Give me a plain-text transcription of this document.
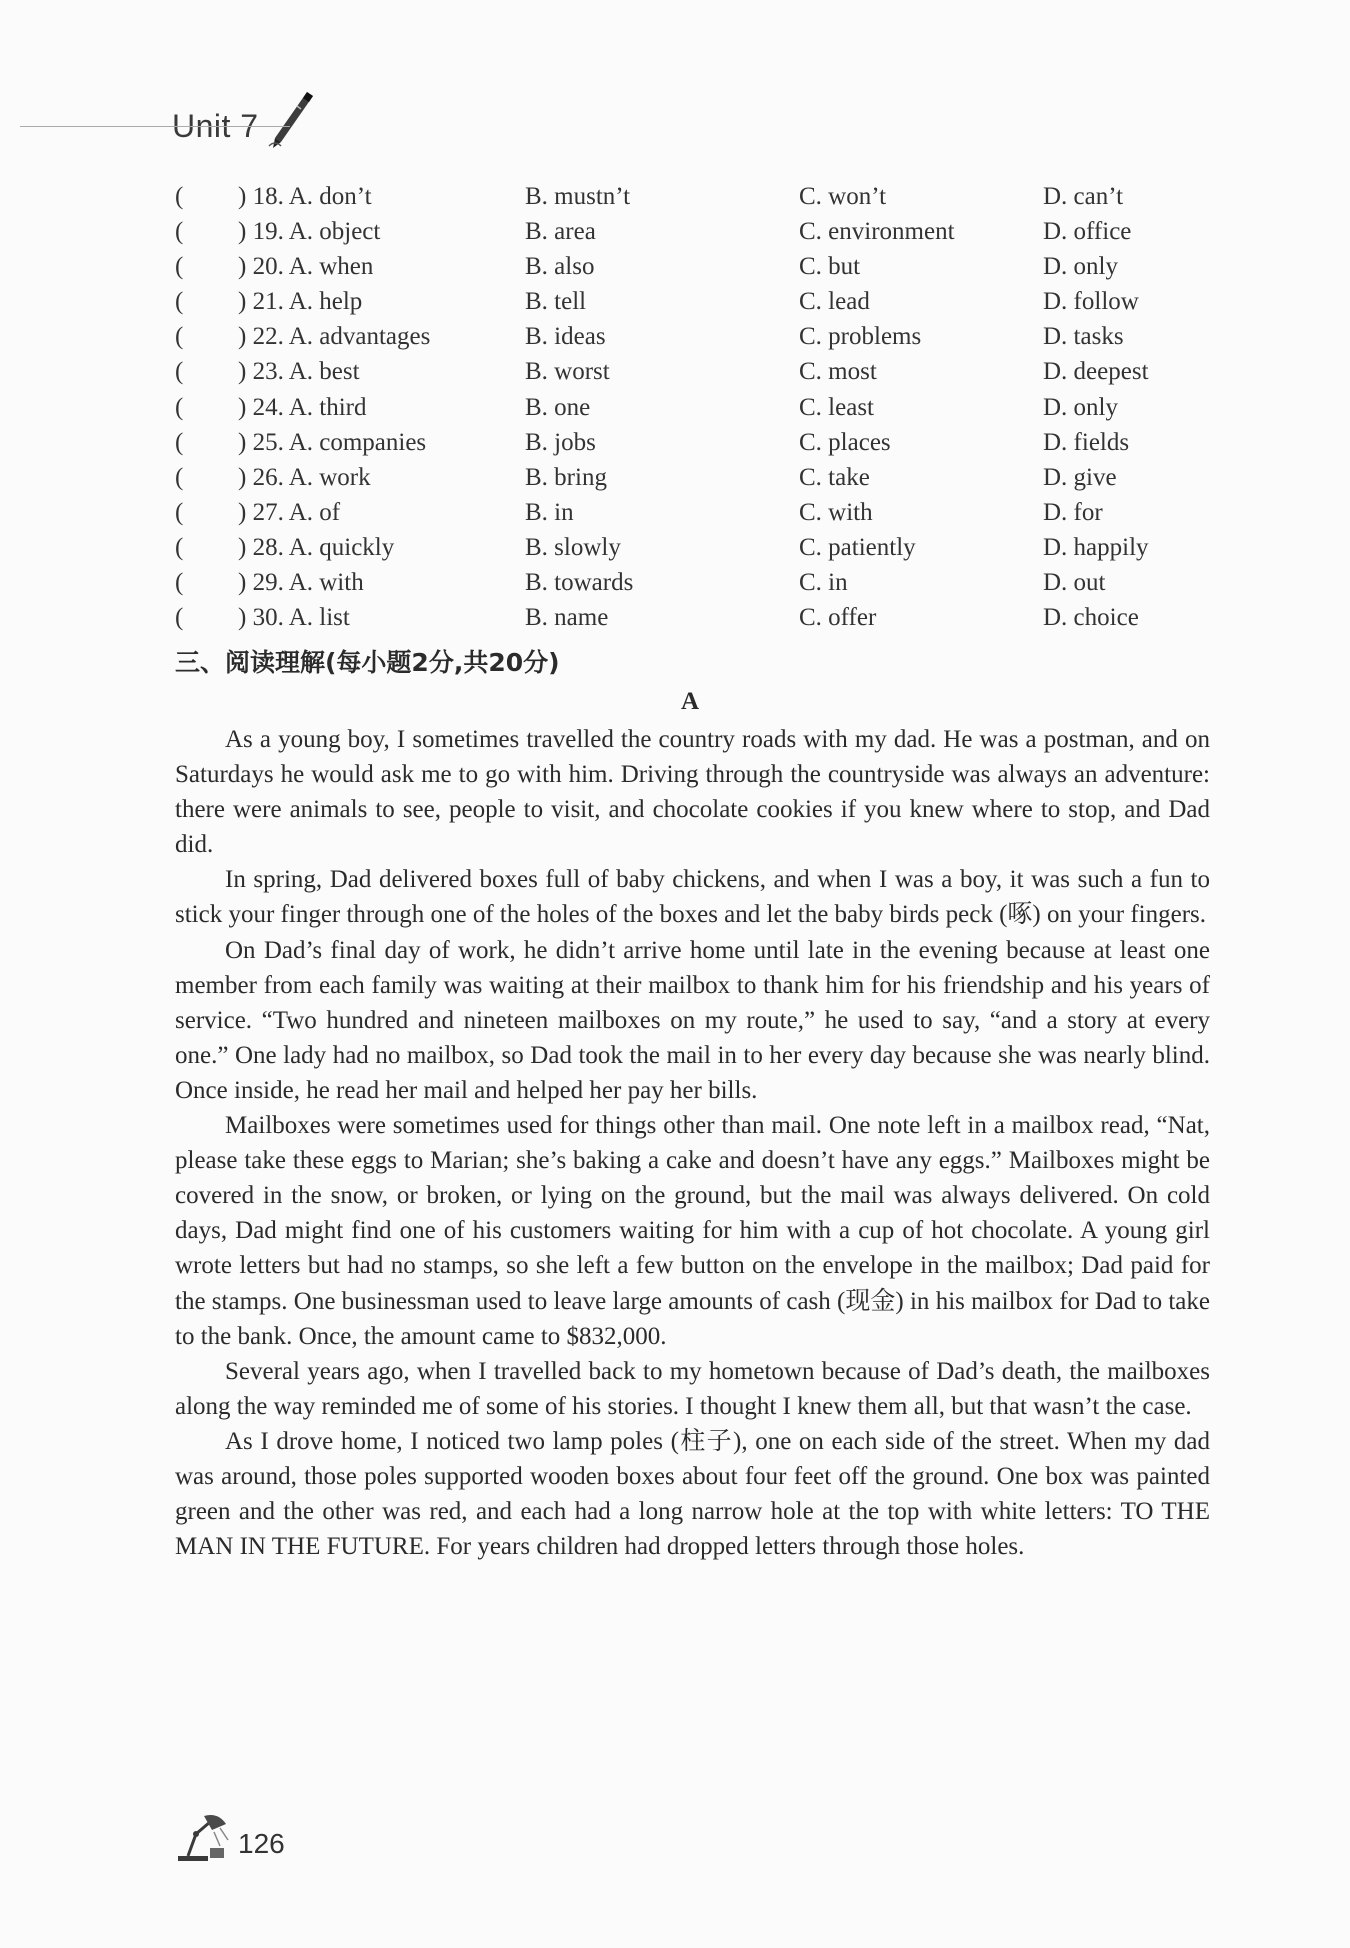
Unit 7
( ) 18. A. don’t	B. mustn’t	C. won’t	D. can’t
( ) 19. A. object	B. area	C. environment	D. office
( ) 20. A. when	B. also	C. but	D. only
( ) 21. A. help	B. tell	C. lead	D. follow
( ) 22. A. advantages	B. ideas	C. problems	D. tasks
( ) 23. A. best	B. worst	C. most	D. deepest
( ) 24. A. third	B. one	C. least	D. only
( ) 25. A. companies	B. jobs	C. places	D. fields
( ) 26. A. work	B. bring	C. take	D. give
( ) 27. A. of	B. in	C. with	D. for
( ) 28. A. quickly	B. slowly	C. patiently	D. happily
( ) 29. A. with	B. towards	C. in	D. out
( ) 30. A. list	B. name	C. offer	D. choice
三、阅读理解(每小题2分,共20分)
A

As a young boy, I sometimes travelled the country roads with my dad. He was a postman, and on Saturdays he would ask me to go with him. Driving through the countryside was always an adventure: there were animals to see, people to visit, and chocolate cookies if you knew where to stop, and Dad did.

In spring, Dad delivered boxes full of baby chickens, and when I was a boy, it was such a fun to stick your finger through one of the holes of the boxes and let the baby birds peck (啄) on your fingers.

On Dad’s final day of work, he didn’t arrive home until late in the evening because at least one member from each family was waiting at their mailbox to thank him for his friendship and his years of service. “Two hundred and nineteen mailboxes on my route,” he used to say, “and a story at every one.” One lady had no mailbox, so Dad took the mail in to her every day because she was nearly blind. Once inside, he read her mail and helped her pay her bills.

Mailboxes were sometimes used for things other than mail. One note left in a mailbox read, “Nat, please take these eggs to Marian; she’s baking a cake and doesn’t have any eggs.” Mailboxes might be covered in the snow, or broken, or lying on the ground, but the mail was always delivered. On cold days, Dad might find one of his customers waiting for him with a cup of hot chocolate. A young girl wrote letters but had no stamps, so she left a few button on the envelope in the mailbox; Dad paid for the stamps. One businessman used to leave large amounts of cash (现金) in his mailbox for Dad to take to the bank. Once, the amount came to $832,000.

Several years ago, when I travelled back to my hometown because of Dad’s death, the mailboxes along the way reminded me of some of his stories. I thought I knew them all, but that wasn’t the case.

As I drove home, I noticed two lamp poles (柱子), one on each side of the street. When my dad was around, those poles supported wooden boxes about four feet off the ground. One box was painted green and the other was red, and each had a long narrow hole at the top with white letters: TO THE MAN IN THE FUTURE. For years children had dropped letters through those holes.

126
